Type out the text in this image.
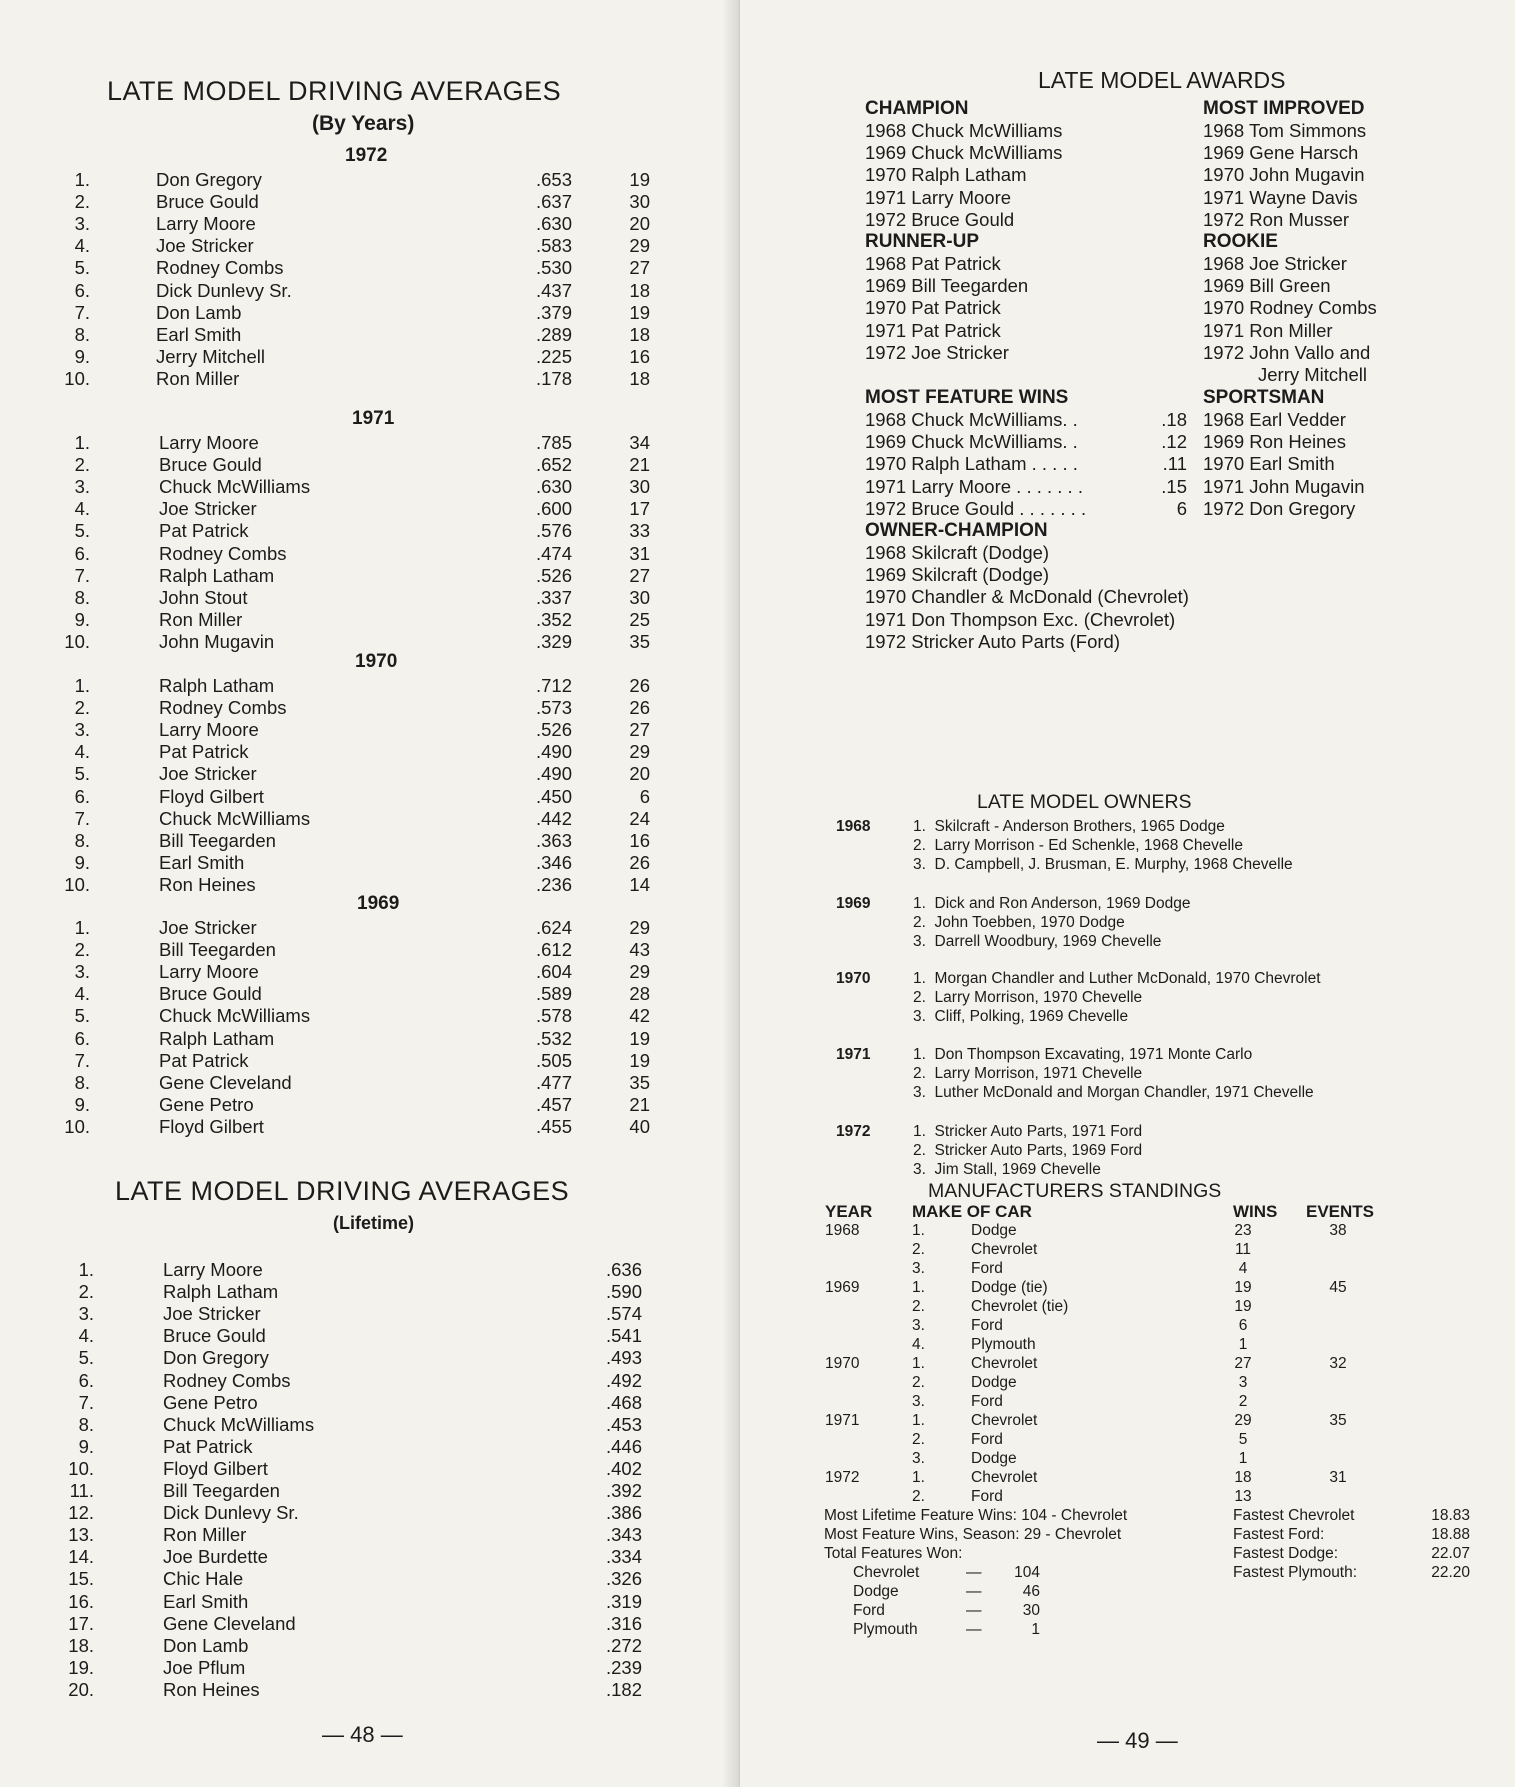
LATE MODEL DRIVING AVERAGES
(By Years)
1972
1.	Don Gregory	.653	19
2.	Bruce Gould	.637	30
3.	Larry Moore	.630	20
4.	Joe Stricker	.583	29
5.	Rodney Combs	.530	27
6.	Dick Dunlevy Sr.	.437	18
7.	Don Lamb	.379	19
8.	Earl Smith	.289	18
9.	Jerry Mitchell	.225	16
10.	Ron Miller	.178	18
1971
1.	Larry Moore	.785	34
2.	Bruce Gould	.652	21
3.	Chuck McWilliams	.630	30
4.	Joe Stricker	.600	17
5.	Pat Patrick	.576	33
6.	Rodney Combs	.474	31
7.	Ralph Latham	.526	27
8.	John Stout	.337	30
9.	Ron Miller	.352	25
10.	John Mugavin	.329	35
1970
1.	Ralph Latham	.712	26
2.	Rodney Combs	.573	26
3.	Larry Moore	.526	27
4.	Pat Patrick	.490	29
5.	Joe Stricker	.490	20
6.	Floyd Gilbert	.450	6
7.	Chuck McWilliams	.442	24
8.	Bill Teegarden	.363	16
9.	Earl Smith	.346	26
10.	Ron Heines	.236	14
1969
1.	Joe Stricker	.624	29
2.	Bill Teegarden	.612	43
3.	Larry Moore	.604	29
4.	Bruce Gould	.589	28
5.	Chuck McWilliams	.578	42
6.	Ralph Latham	.532	19
7.	Pat Patrick	.505	19
8.	Gene Cleveland	.477	35
9.	Gene Petro	.457	21
10.	Floyd Gilbert	.455	40
LATE MODEL DRIVING AVERAGES
(Lifetime)
1.	Larry Moore	.636
2.	Ralph Latham	.590
3.	Joe Stricker	.574
4.	Bruce Gould	.541
5.	Don Gregory	.493
6.	Rodney Combs	.492
7.	Gene Petro	.468
8.	Chuck McWilliams	.453
9.	Pat Patrick	.446
10.	Floyd Gilbert	.402
11.	Bill Teegarden	.392
12.	Dick Dunlevy Sr.	.386
13.	Ron Miller	.343
14.	Joe Burdette	.334
15.	Chic Hale	.326
16.	Earl Smith	.319
17.	Gene Cleveland	.316
18.	Don Lamb	.272
19.	Joe Pflum	.239
20.	Ron Heines	.182
— 48 —
LATE MODEL AWARDS
CHAMPION
1968 Chuck McWilliams
1969 Chuck McWilliams
1970 Ralph Latham
1971 Larry Moore
1972 Bruce Gould
RUNNER-UP
1968 Pat Patrick
1969 Bill Teegarden
1970 Pat Patrick
1971 Pat Patrick
1972 Joe Stricker
MOST FEATURE WINS
1968 Chuck McWilliams. .	.18
1969 Chuck McWilliams. .	.12
1970 Ralph Latham . . . . .	.11
1971 Larry Moore . . . . . . .	.15
1972 Bruce Gould . . . . . . .	6
OWNER-CHAMPION
1968 Skilcraft (Dodge)
1969 Skilcraft (Dodge)
1970 Chandler & McDonald (Chevrolet)
1971 Don Thompson Exc. (Chevrolet)
1972 Stricker Auto Parts (Ford)
MOST IMPROVED
1968 Tom Simmons
1969 Gene Harsch
1970 John Mugavin
1971 Wayne Davis
1972 Ron Musser
ROOKIE
1968 Joe Stricker
1969 Bill Green
1970 Rodney Combs
1971 Ron Miller
1972 John Vallo and
Jerry Mitchell
SPORTSMAN
1968 Earl Vedder
1969 Ron Heines
1970 Earl Smith
1971 John Mugavin
1972 Don Gregory
LATE MODEL OWNERS
1968	1.  Skilcraft - Anderson Brothers, 1965 Dodge
2.  Larry Morrison - Ed Schenkle, 1968 Chevelle
3.  D. Campbell, J. Brusman, E. Murphy, 1968 Chevelle
1969	1.  Dick and Ron Anderson, 1969 Dodge
2.  John Toebben, 1970 Dodge
3.  Darrell Woodbury, 1969 Chevelle
1970	1.  Morgan Chandler and Luther McDonald, 1970 Chevrolet
2.  Larry Morrison, 1970 Chevelle
3.  Cliff, Polking, 1969 Chevelle
1971	1.  Don Thompson Excavating, 1971 Monte Carlo
2.  Larry Morrison, 1971 Chevelle
3.  Luther McDonald and Morgan Chandler, 1971 Chevelle
1972	1.  Stricker Auto Parts, 1971 Ford
2.  Stricker Auto Parts, 1969 Ford
3.  Jim Stall, 1969 Chevelle
MANUFACTURERS STANDINGS
YEAR MAKE OF CAR	WINS EVENTS
1968	1.	Dodge	23	38
2.	Chevrolet	11
3.	Ford	4
1969	1.	Dodge (tie)	19	45
2.	Chevrolet (tie)	19
3.	Ford	6
4.	Plymouth	1
1970	1.	Chevrolet	27	32
2.	Dodge	3
3.	Ford	2
1971	1.	Chevrolet	29	35
2.	Ford	5
3.	Dodge	1
1972	1.	Chevrolet	18	31
2.	Ford	13
Most Lifetime Feature Wins: 104 - Chevrolet
Most Feature Wins, Season: 29 - Chevrolet
Total Features Won:
Chevrolet	—	104
Dodge	—	46
Ford	—	30
Plymouth	—	1
Fastest Chevrolet	18.83
Fastest Ford:	18.88
Fastest Dodge:	22.07
Fastest Plymouth:	22.20
— 49 —
